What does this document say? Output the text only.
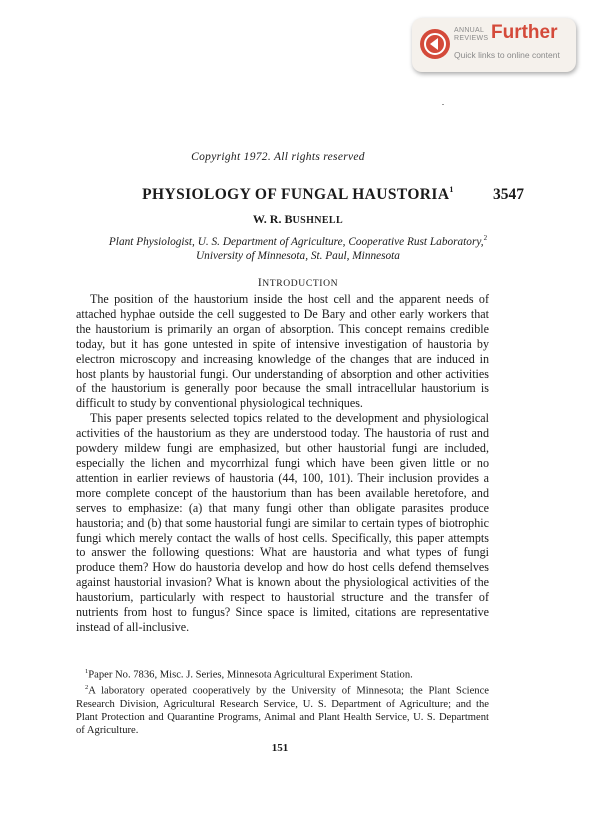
ANNUAL
REVIEWS Further
Quick links to online content
Copyright 1972. All rights reserved
PHYSIOLOGY OF FUNGAL HAUSTORIA$^1$	3547
W. R. BUSHNELL
Plant Physiologist, U. S. Department of Agriculture, Cooperative Rust Laboratory,$^2$
University of Minnesota, St. Paul, Minnesota
INTRODUCTION

The position of the haustorium inside the host cell and the apparent needs of attached hyphae outside the cell suggested to De Bary and other early workers that the haustorium is primarily an organ of absorption. This concept remains credible today, but it has gone untested in spite of intensive investigation of haustoria by electron microscopy and increasing knowledge of the changes that are induced in host plants by haustorial fungi. Our understanding of absorption and other activities of the haustorium is generally poor because the small intracellular haustorium is difficult to study by conventional physiological techniques.

This paper presents selected topics related to the development and physiological activities of the haustorium as they are understood today. The haustoria of rust and powdery mildew fungi are emphasized, but other haustorial fungi are included, especially the lichen and mycorrhizal fungi which have been given little or no attention in earlier reviews of haustoria (44, 100, 101). Their inclusion provides a more complete concept of the haustorium than has been available heretofore, and serves to emphasize: (a) that many fungi other than obligate parasites produce haustoria; and (b) that some haustorial fungi are similar to certain types of biotrophic fungi which merely contact the walls of host cells. Specifically, this paper attempts to answer the following questions: What are haustoria and what types of fungi produce them? How do haustoria develop and how do host cells defend themselves against haustorial invasion? What is known about the physiological activities of the haustorium, particularly with respect to haustorial structure and the transfer of nutrients from host to fungus? Since space is limited, citations are representative instead of all-inclusive.

$^1$Paper No. 7836, Misc. J. Series, Minnesota Agricultural Experiment Station.

$^2$A laboratory operated cooperatively by the University of Minnesota; the Plant Science Research Division, Agricultural Research Service, U. S. Department of Agriculture; and the Plant Protection and Quarantine Programs, Animal and Plant Health Service, U. S. Department of Agriculture.

151
